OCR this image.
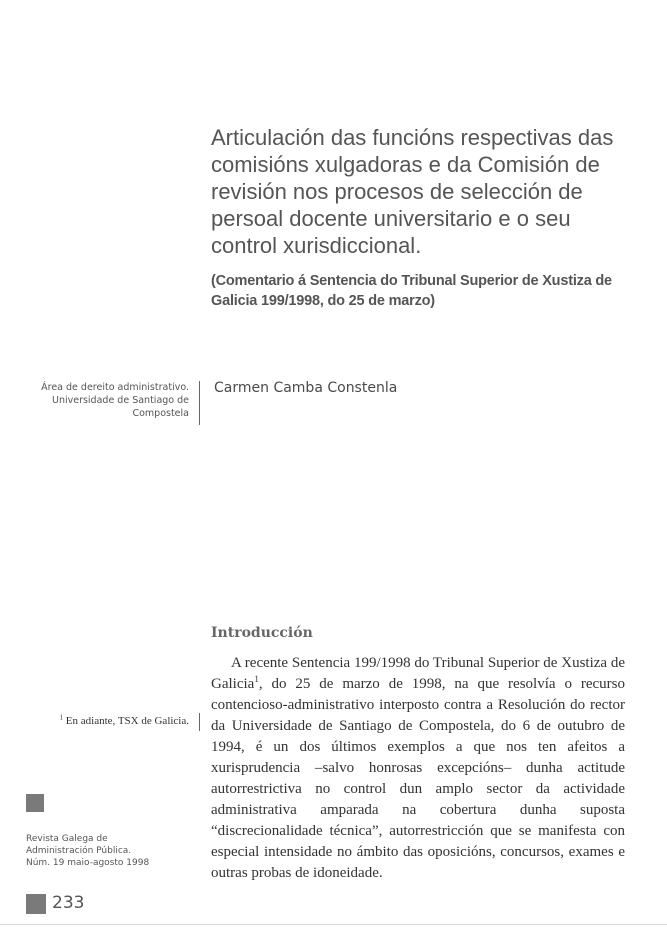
Articulación das funcións respectivas das comisións xulgadoras e da Comisión de revisión nos procesos de selección de persoal docente universitario e o seu control xurisdiccional.
(Comentario á Sentencia do Tribunal Superior de Xustiza de Galicia 199/1998, do 25 de marzo)
Área de dereito administrativo.
Universidade de Santiago de
Compostela
Carmen Camba Constenla
Introducción

A recente Sentencia 199/1998 do Tribunal Superior de Xustiza de Galicia$^1$, do 25 de marzo de 1998, na que resolvía o recurso contencioso-administrativo interposto contra a Resolución do rector da Universidade de Santiago de Compostela, do 6 de outubro de 1994, é un dos últimos exemplos a que nos ten afeitos a xurisprudencia –salvo honrosas excepcións– dunha actitude autorrestrictiva no control dun amplo sector da actividade administrativa amparada na cobertura dunha suposta “discrecionalidade técnica”, autorrestricción que se manifesta con especial intensidade no ámbito das oposicións, concursos, exames e outras probas de idoneidade.

$^1$ En adiante, TSX de Galicia.
Revista Galega de
Administración Pública.
Núm. 19 maio-agosto 1998
233
